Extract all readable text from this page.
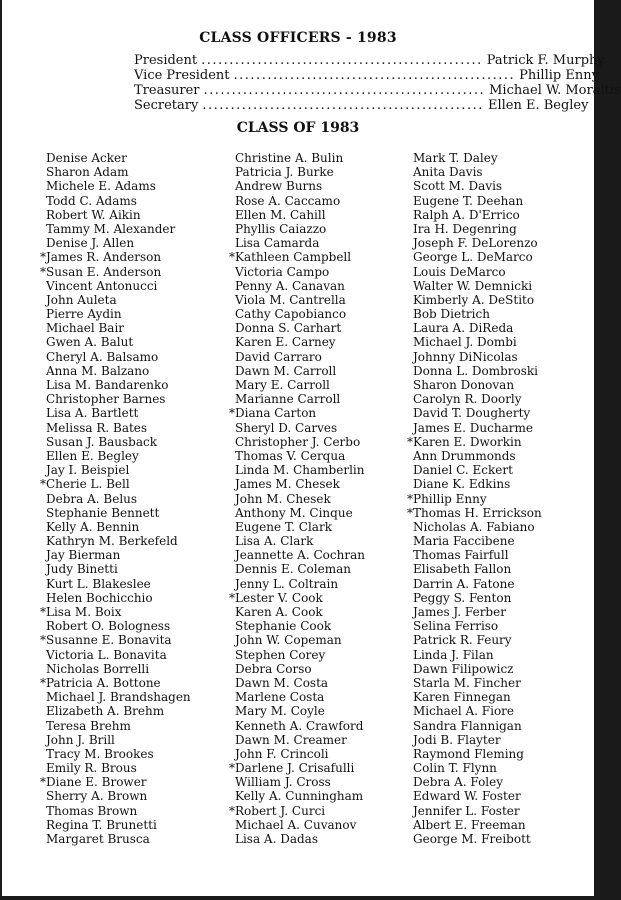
CLASS OFFICERS - 1983
President .................................................. Patrick F. Murphy
Vice President .................................................. Phillip Enny
Treasurer .................................................. Michael W. Moraitis
Secretary .................................................. Ellen E. Begley
CLASS OF 1983
Denise Acker
Sharon Adam
Michele E. Adams
Todd C. Adams
Robert W. Aikin
Tammy M. Alexander
Denise J. Allen
*James R. Anderson
*Susan E. Anderson
Vincent Antonucci
John Auleta
Pierre Aydin
Michael Bair
Gwen A. Balut
Cheryl A. Balsamo
Anna M. Balzano
Lisa M. Bandarenko
Christopher Barnes
Lisa A. Bartlett
Melissa R. Bates
Susan J. Bausback
Ellen E. Begley
Jay I. Beispiel
*Cherie L. Bell
Debra A. Belus
Stephanie Bennett
Kelly A. Bennin
Kathryn M. Berkefeld
Jay Bierman
Judy Binetti
Kurt L. Blakeslee
Helen Bochicchio
*Lisa M. Boix
Robert O. Bologness
*Susanne E. Bonavita
Victoria L. Bonavita
Nicholas Borrelli
*Patricia A. Bottone
Michael J. Brandshagen
Elizabeth A. Brehm
Teresa Brehm
John J. Brill
Tracy M. Brookes
Emily R. Brous
*Diane E. Brower
Sherry A. Brown
Thomas Brown
Regina T. Brunetti
Margaret Brusca
Christine A. Bulin
Patricia J. Burke
Andrew Burns
Rose A. Caccamo
Ellen M. Cahill
Phyllis Caiazzo
Lisa Camarda
*Kathleen Campbell
Victoria Campo
Penny A. Canavan
Viola M. Cantrella
Cathy Capobianco
Donna S. Carhart
Karen E. Carney
David Carraro
Dawn M. Carroll
Mary E. Carroll
Marianne Carroll
*Diana Carton
Sheryl D. Carves
Christopher J. Cerbo
Thomas V. Cerqua
Linda M. Chamberlin
James M. Chesek
John M. Chesek
Anthony M. Cinque
Eugene T. Clark
Lisa A. Clark
Jeannette A. Cochran
Dennis E. Coleman
Jenny L. Coltrain
*Lester V. Cook
Karen A. Cook
Stephanie Cook
John W. Copeman
Stephen Corey
Debra Corso
Dawn M. Costa
Marlene Costa
Mary M. Coyle
Kenneth A. Crawford
Dawn M. Creamer
John F. Crincoli
*Darlene J. Crisafulli
William J. Cross
Kelly A. Cunningham
*Robert J. Curci
Michael A. Cuvanov
Lisa A. Dadas
Mark T. Daley
Anita Davis
Scott M. Davis
Eugene T. Deehan
Ralph A. D'Errico
Ira H. Degenring
Joseph F. DeLorenzo
George L. DeMarco
Louis DeMarco
Walter W. Demnicki
Kimberly A. DeStito
Bob Dietrich
Laura A. DiReda
Michael J. Dombi
Johnny DiNicolas
Donna L. Dombroski
Sharon Donovan
Carolyn R. Doorly
David T. Dougherty
James E. Ducharme
*Karen E. Dworkin
Ann Drummonds
Daniel C. Eckert
Diane K. Edkins
*Phillip Enny
*Thomas H. Errickson
Nicholas A. Fabiano
Maria Faccibene
Thomas Fairfull
Elisabeth Fallon
Darrin A. Fatone
Peggy S. Fenton
James J. Ferber
Selina Ferriso
Patrick R. Feury
Linda J. Filan
Dawn Filipowicz
Starla M. Fincher
Karen Finnegan
Michael A. Fiore
Sandra Flannigan
Jodi B. Flayter
Raymond Fleming
Colin T. Flynn
Debra A. Foley
Edward W. Foster
Jennifer L. Foster
Albert E. Freeman
George M. Freibott
